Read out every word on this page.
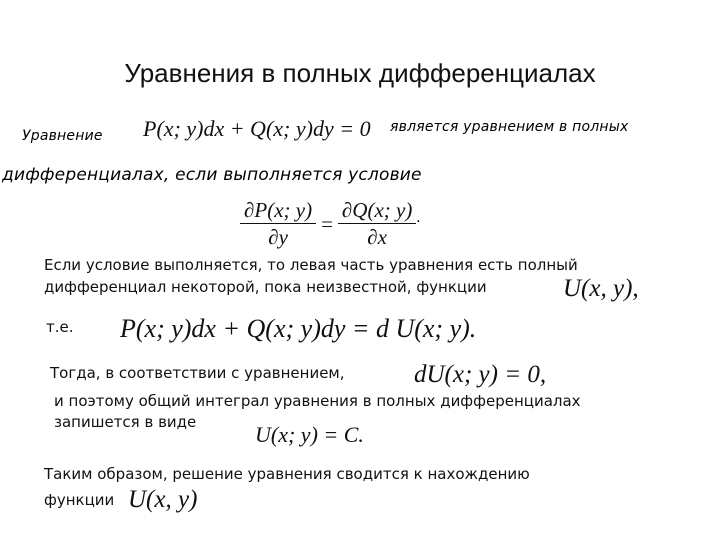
Уравнения в полных дифференциалах
Уравнение P(x; y)dx + Q(x; y)dy = 0 является уравнением в полных
дифференциалах, если выполняется условие
$\frac{\partial P(x; y)}{\partial y} = \frac{\partial Q(x; y)}{\partial x}$ .
Если условие выполняется, то левая часть уравнения есть полный
дифференциал некоторой, пока неизвестной, функции	U(x, y),
т.е. P(x; y)dx + Q(x; y)dy = d U(x; y).
Тогда, в соответствии с уравнением,	dU(x; y) = 0,
и поэтому общий интеграл уравнения в полных дифференциалах
запишется в виде	U(x; y) = C.
Таким образом, решение уравнения сводится к нахождению
функции U(x, y)
